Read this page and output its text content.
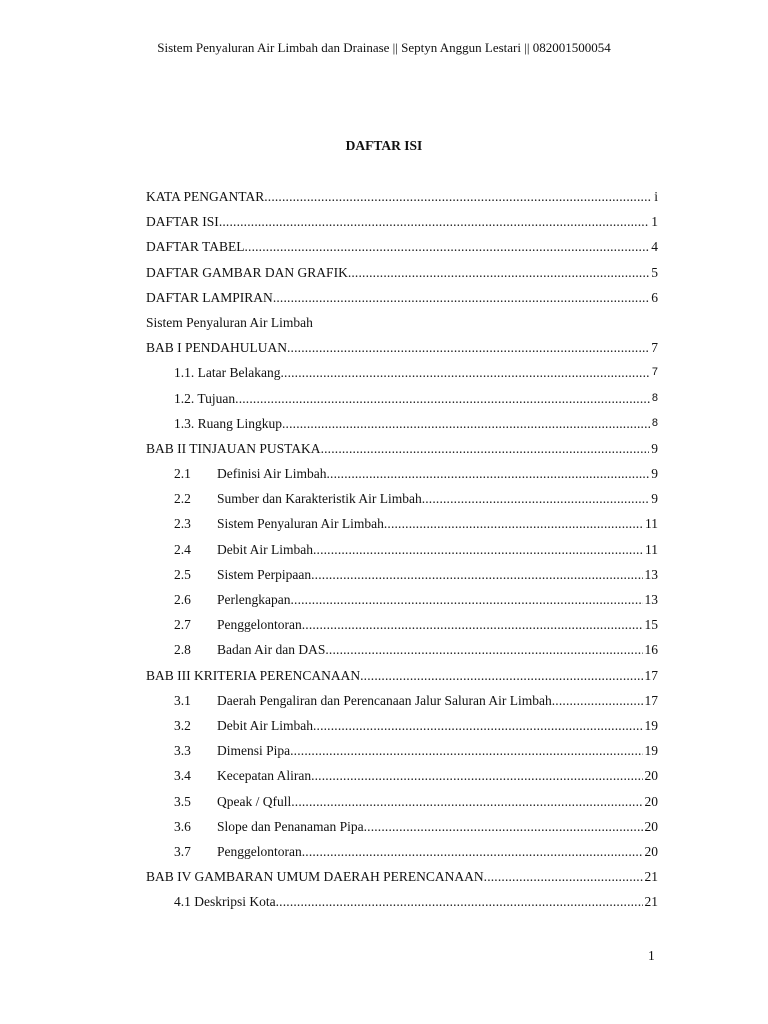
Sistem Penyaluran Air Limbah dan Drainase || Septyn Anggun Lestari || 082001500054
DAFTAR ISI
KATA PENGANTAR . . .	i
DAFTAR ISI . . .	1
DAFTAR TABEL . . .	4
DAFTAR GAMBAR DAN GRAFIK . . .	5
DAFTAR LAMPIRAN . . .	6
Sistem Penyaluran Air Limbah
BAB I PENDAHULUAN . . .	7
1.1. Latar Belakang . . .	7
1.2. Tujuan . . .	8
1.3. Ruang Lingkup . . .	8
BAB II TINJAUAN PUSTAKA . . .	9
2.1 Definisi Air Limbah . . .	9
2.2 Sumber dan Karakteristik Air Limbah . . .	9
2.3 Sistem Penyaluran Air Limbah . . .	11
2.4 Debit Air Limbah . . .	11
2.5 Sistem Perpipaan . . .	13
2.6 Perlengkapan . . .	13
2.7 Penggelontoran . . .	15
2.8 Badan Air dan DAS . . .	16
BAB III KRITERIA PERENCANAAN . . .	17
3.1 Daerah Pengaliran dan Perencanaan Jalur Saluran Air Limbah . . .	17
3.2 Debit Air Limbah . . .	19
3.3 Dimensi Pipa . . .	19
3.4 Kecepatan Aliran . . .	20
3.5 Qpeak / Qfull . . .	20
3.6 Slope dan Penanaman Pipa . . .	20
3.7 Penggelontoran . . .	20
BAB IV GAMBARAN UMUM DAERAH PERENCANAAN . . .	21
4.1 Deskripsi Kota . . .	21
1
